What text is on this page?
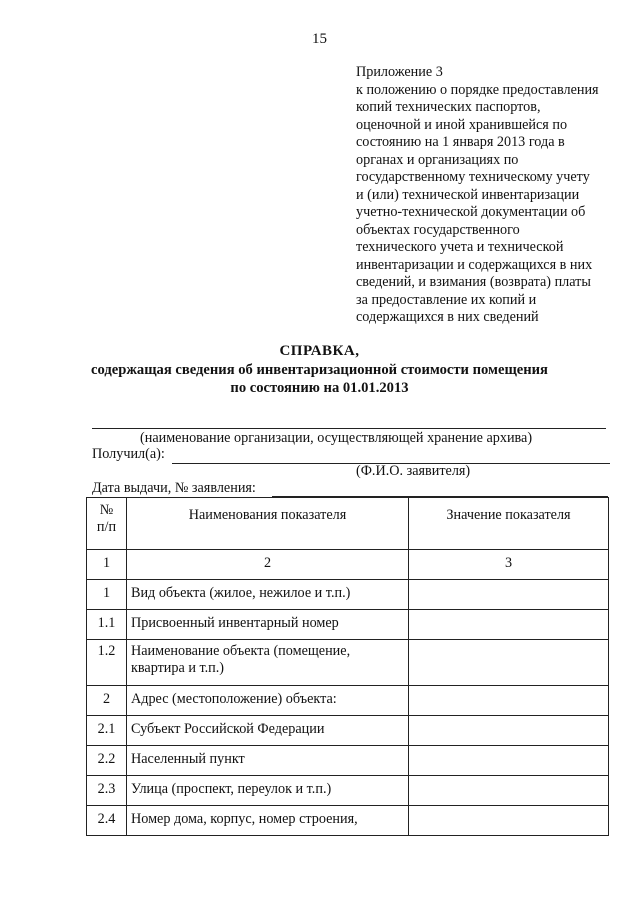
15
Приложение 3
к положению о порядке предоставления
копий технических паспортов,
оценочной и иной хранившейся по
состоянию на 1 января 2013 года в
органах и организациях по
государственному техническому учету
и (или) технической инвентаризации
учетно-технической документации об
объектах государственного
технического учета и технической
инвентаризации и содержащихся в них
сведений, и взимания (возврата) платы
за предоставление их копий и
содержащихся в них сведений
СПРАВКА,
содержащая сведения об инвентаризационной стоимости помещения
по состоянию на 01.01.2013
(наименование организации, осуществляющей хранение архива)
Получил(а):
(Ф.И.О. заявителя)
Дата выдачи, № заявления:
№
п/п	Наименования показателя	Значение показателя
1	2	3
1	Вид объекта (жилое, нежилое и т.п.)	
1.1	Присвоенный инвентарный номер	
1.2	Наименование объекта (помещение, квартира и т.п.)	
2	Адрес (местоположение) объекта:	
2.1	Субъект Российской Федерации	
2.2	Населенный пункт	
2.3	Улица (проспект, переулок и т.п.)	
2.4	Номер дома, корпус, номер строения,	
